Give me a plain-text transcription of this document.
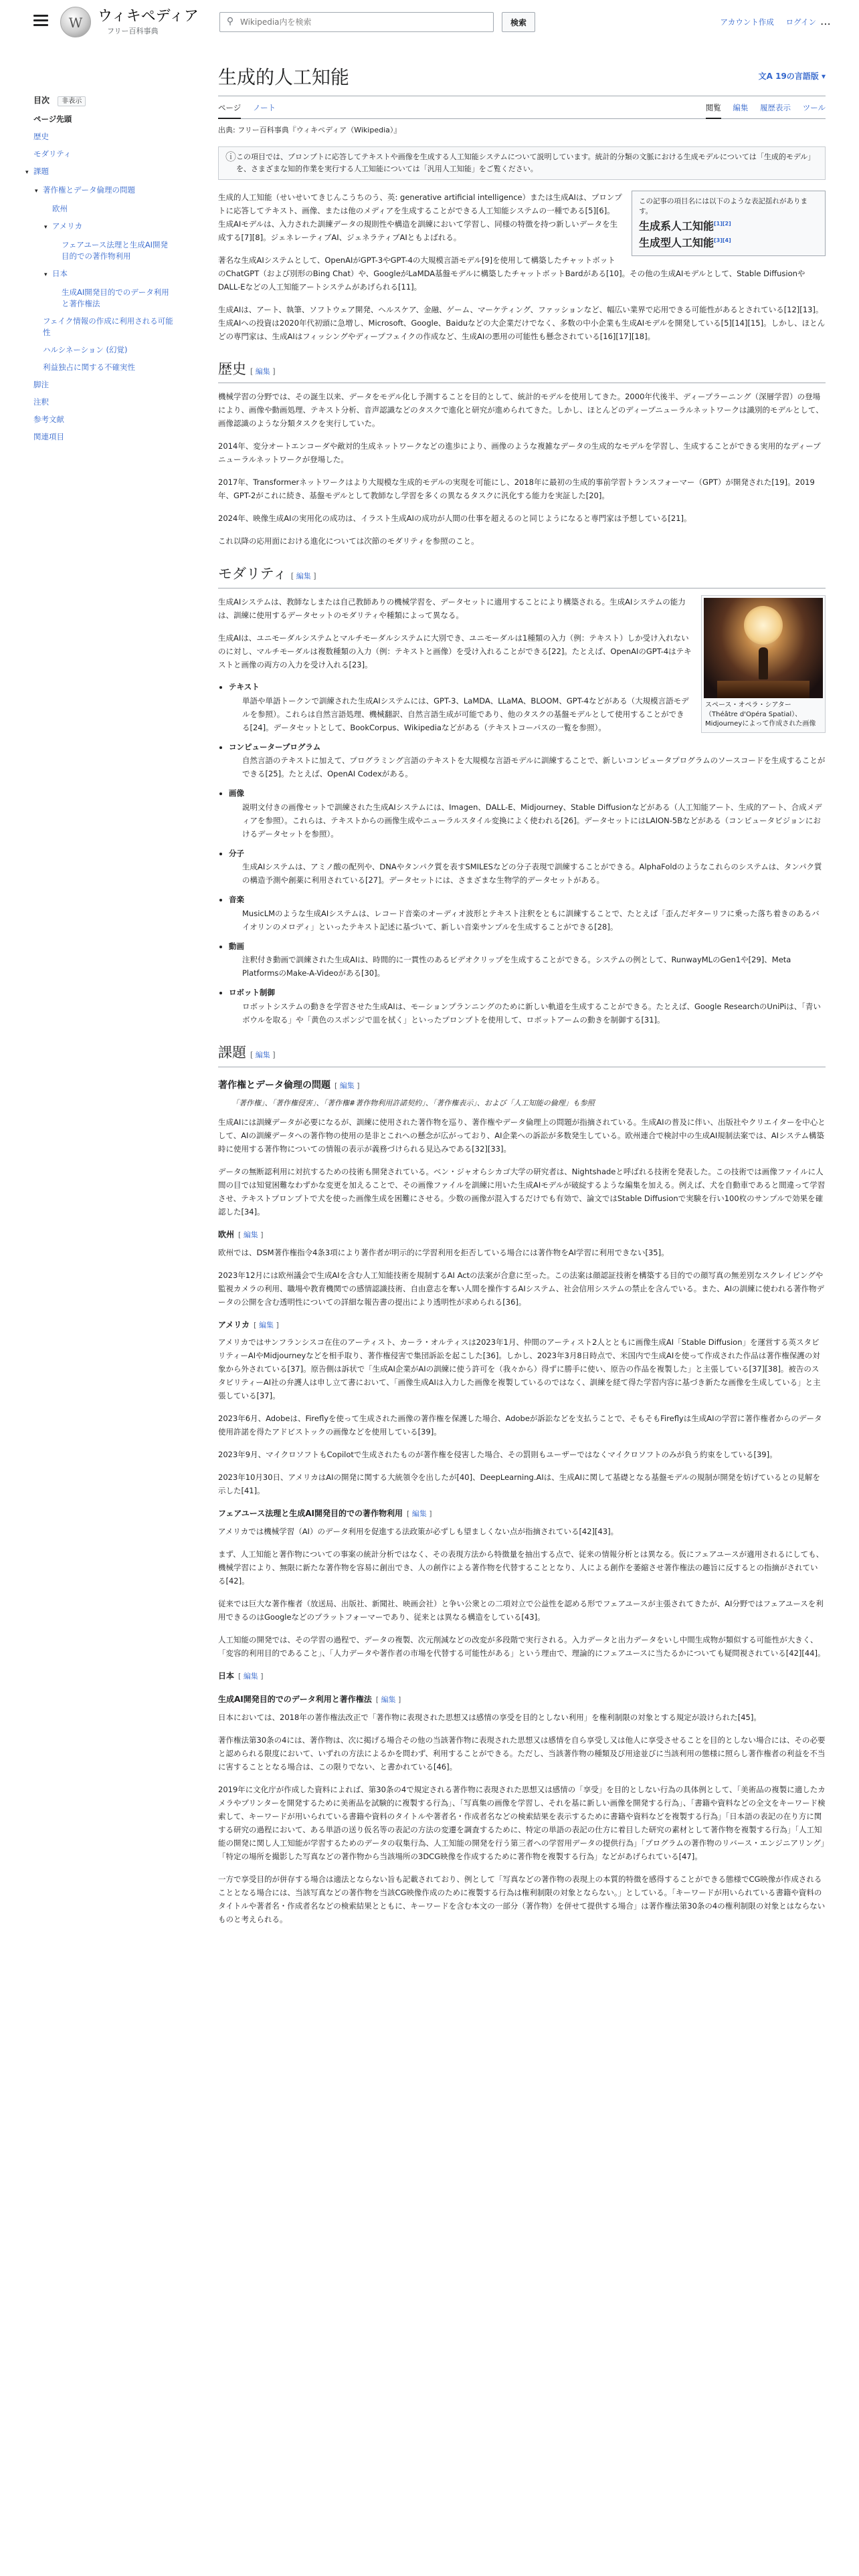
W	ウィキペディア
フリー百科事典
⚲
Wikipedia内を検索	検索	アカウント作成 ログイン ⋯
目次 非表示
ページ先頭
歴史
モダリティ
▾ 課題
▾ 著作権とデータ倫理の問題
欧州
▾ アメリカ
フェアユース法理と生成AI開発目的での著作物利用
▾ 日本
生成AI開発目的でのデータ利用と著作権法
フェイク情報の作成に利用される可能性
ハルシネーション (幻覚)
利益独占に関する不確実性
脚注
注釈
参考文献
関連項目
生成的人工知能	文A 19の言語版 ▾
ページ ノート	閲覧 編集 履歴表示 ツール
出典: フリー百科事典『ウィキペディア（Wikipedia）』
ⓘ この項目では、プロンプトに応答してテキストや画像を生成する人工知能システムについて説明しています。統計的分類の文脈における生成モデルについては「生成的モデル」を、さまざまな知的作業を実行する人工知能については「汎用人工知能」をご覧ください。
この記事の項目名には以下のような表記揺れがあります。
生成系人工知能[1][2]
生成型人工知能[3][4]

生成的人工知能（せいせいてきじんこうちのう、英: generative artificial intelligence）または生成AIは、プロンプトに応答してテキスト、画像、または他のメディアを生成することができる人工知能システムの一種である[5][6]。生成AIモデルは、入力された訓練データの規則性や構造を訓練において学習し、同様の特徴を持つ新しいデータを生成する[7][8]。ジェネレーティブAI、ジェネラティブAIともよばれる。

著名な生成AIシステムとして、OpenAIがGPT-3やGPT-4の大規模言語モデル[9]を使用して構築したチャットボットのChatGPT（および別形のBing Chat）や、GoogleがLaMDA基盤モデルに構築したチャットボットBardがある[10]。その他の生成AIモデルとして、Stable DiffusionやDALL-Eなどの人工知能アートシステムがあげられる[11]。

生成AIは、アート、執筆、ソフトウェア開発、ヘルスケア、金融、ゲーム、マーケティング、ファッションなど、幅広い業界で応用できる可能性があるとされている[12][13]。生成AIへの投資は2020年代初頭に急増し、Microsoft、Google、Baiduなどの大企業だけでなく、多数の中小企業も生成AIモデルを開発している[5][14][15]。しかし、ほとんどの専門家は、生成AIはフィッシングやディープフェイクの作成など、生成AIの悪用の可能性も懸念されている[16][17][18]。

歴史 [ 編集 ]

機械学習の分野では、その誕生以来、データをモデル化し予測することを目的として、統計的モデルを使用してきた。2000年代後半、ディープラーニング（深層学習）の登場により、画像や動画処理、テキスト分析、音声認識などのタスクで進化と研究が進められてきた。しかし、ほとんどのディープニューラルネットワークは識別的モデルとして、画像認識のような分類タスクを実行していた。

2014年、変分オートエンコーダや敵対的生成ネットワークなどの進歩により、画像のような複雑なデータの生成的なモデルを学習し、生成することができる実用的なディープニューラルネットワークが登場した。

2017年、Transformerネットワークはより大規模な生成的モデルの実現を可能にし、2018年に最初の生成的事前学習トランスフォーマー（GPT）が開発された[19]。2019年、GPT-2がこれに続き、基盤モデルとして教師なし学習を多くの異なるタスクに汎化する能力を実証した[20]。

2024年、映像生成AIの実用化の成功は、イラスト生成AIの成功が人間の仕事を超えるのと同じようになると専門家は予想している[21]。

これ以降の応用面における進化については次節のモダリティを参照のこと。

モダリティ [ 編集 ]
スペース・オペラ・シアター（Théâtre d'Opéra Spatial）、Midjourneyによって作成された画像

生成AIシステムは、教師なしまたは自己教師ありの機械学習を、データセットに適用することにより構築される。生成AIシステムの能力は、訓練に使用するデータセットのモダリティや種類によって異なる。

生成AIは、ユニモーダルシステムとマルチモーダルシステムに大別でき、ユニモーダルは1種類の入力（例：テキスト）しか受け入れないのに対し、マルチモーダルは複数種類の入力（例：テキストと画像）を受け入れることができる[22]。たとえば、OpenAIのGPT-4はテキストと画像の両方の入力を受け入れる[23]。

• テキスト
単語や単語トークンで訓練された生成AIシステムには、GPT-3、LaMDA、LLaMA、BLOOM、GPT-4などがある（大規模言語モデルを参照）。これらは自然言語処理、機械翻訳、自然言語生成が可能であり、他のタスクの基盤モデルとして使用することができる[24]。データセットとして、BookCorpus、Wikipediaなどがある（テキストコーパスの一覧を参照）。
• コンピュータープログラム
自然言語のテキストに加えて、プログラミング言語のテキストを大規模な言語モデルに訓練することで、新しいコンピュータプログラムのソースコードを生成することができる[25]。たとえば、OpenAI Codexがある。
• 画像
説明文付きの画像セットで訓練された生成AIシステムには、Imagen、DALL-E、Midjourney、Stable Diffusionなどがある（人工知能アート、生成的アート、合成メディアを参照）。これらは、テキストからの画像生成やニューラルスタイル変換によく使われる[26]。データセットにはLAION-5Bなどがある（コンピュータビジョンにおけるデータセットを参照）。
• 分子
生成AIシステムは、アミノ酸の配列や、DNAやタンパク質を表すSMILESなどの分子表現で訓練することができる。AlphaFoldのようなこれらのシステムは、タンパク質の構造予測や創薬に利用されている[27]。データセットには、さまざまな生物学的データセットがある。
• 音楽
MusicLMのような生成AIシステムは、レコード音楽のオーディオ波形とテキスト注釈をともに訓練することで、たとえば「歪んだギターリフに乗った落ち着きのあるバイオリンのメロディ」といったテキスト記述に基づいて、新しい音楽サンプルを生成することができる[28]。
• 動画
注釈付き動画で訓練された生成AIは、時間的に一貫性のあるビデオクリップを生成することができる。システムの例として、RunwayMLのGen1や[29]、Meta PlatformsのMake-A-Videoがある[30]。
• ロボット制御
ロボットシステムの動きを学習させた生成AIは、モーションプランニングのために新しい軌道を生成することができる。たとえば、Google ResearchのUniPiは、「青いボウルを取る」や「黄色のスポンジで皿を拭く」といったプロンプトを使用して、ロボットアームの動きを制御する[31]。
課題 [ 編集 ]
著作権とデータ倫理の問題 [ 編集 ]
「著作権」、「著作権侵害」、「著作権#著作物利用許諾契約」、「著作権表示」、および「人工知能の倫理」も参照

生成AIには訓練データが必要になるが、訓練に使用された著作物を巡り、著作権やデータ倫理上の問題が指摘されている。生成AIの普及に伴い、出版社やクリエイターを中心として、AIの訓練データへの著作物の使用の是非とこれへの懸念が広がっており、AI企業への訴訟が多数発生している。欧州連合で検討中の生成AI規制法案では、AIシステム構築時に使用する著作物についての情報の表示が義務づけられる見込みである[32][33]。

データの無断認利用に対抗するための技術も開発されている。ベン・ジャオらシカゴ大学の研究者は、Nightshadeと呼ばれる技術を発表した。この技術では画像ファイルに人間の目では知覚困難なわずかな変更を加えることで、その画像ファイルを訓練に用いた生成AIモデルが破綻するような編集を加える。例えば、犬を自動車であると間違って学習させ、テキストプロンプトで犬を使った画像生成を困難にさせる。少数の画像が混入するだけでも有効で、論文ではStable Diffusionで実験を行い100枚のサンプルで効果を確認した[34]。

欧州 [ 編集 ]

欧州では、DSM著作権指令4条3項により著作者が明示的に学習利用を拒否している場合には著作物をAI学習に利用できない[35]。

2023年12月には欧州議会で生成AIを含む人工知能技術を規制するAI Actの法案が合意に至った。この法案は顔認証技術を構築する目的での顔写真の無差別なスクレイピングや監視カメラの利用、職場や教育機関での感情認識技術、自由意志を奪い人間を操作するAIシステム、社会信用システムの禁止を含んでいる。また、AIの訓練に使われる著作物データの公開を含む透明性についての詳細な報告書の提出により透明性が求められる[36]。

アメリカ [ 編集 ]

アメリカではサンフランシスコ在住のアーティスト、カーラ・オルティスは2023年1月、仲間のアーティスト2人とともに画像生成AI「Stable Diffusion」を運営する英スタビリティーAIやMidjourneyなどを相手取り、著作権侵害で集団訴訟を起こした[36]。しかし、2023年3月8日時点で、米国内で生成AIを使って作成された作品は著作権保護の対象から外されている[37]。原告側は訴状で「生成AI企業がAIの訓練に使う許可を（我々から）得ずに勝手に使い、原告の作品を複製した」と主張している[37][38]。被告のスタビリティーAI社の弁護人は申し立て書において、「画像生成AIは入力した画像を複製しているのではなく、訓練を経て得た学習内容に基づき新たな画像を生成している」と主張している[37]。

2023年6月、Adobeは、Fireflyを使って生成された画像の著作権を保護した場合、Adobeが訴訟などを支払うことで、そもそもFireflyは生成AIの学習に著作権者からのデータ使用許諾を得たアドビストックの画像などを使用している[39]。

2023年9月、マイクロソフトもCopilotで生成されたものが著作権を侵害した場合、その罰則もユーザーではなくマイクロソフトのみが負う約束をしている[39]。

2023年10月30日、アメリカはAIの開発に関する大統領令を出したが[40]、DeepLearning.AIは、生成AIに関して基礎となる基盤モデルの規制が開発を妨げているとの見解を示した[41]。

フェアユース法理と生成AI開発目的での著作物利用 [ 編集 ]

アメリカでは機械学習（AI）のデータ利用を促進する法政策が必ずしも望ましくない点が指摘されている[42][43]。

まず、人工知能と著作物についての事案の統計分析ではなく、その表現方法から特徴量を抽出する点で、従来の情報分析とは異なる。仮にフェアユースが適用されるにしても、機械学習により、無限に新たな著作物を容易に創出でき、人の創作による著作物を代替することとなり、人による創作を萎縮させ著作権法の趣旨に反するとの指摘がされている[42]。

従来では巨大な著作権者（放送局、出版社、新聞社、映画会社）と争い公衆との二項対立で公益性を認める形でフェアユースが主張されてきたが、AI分野ではフェアユースを利用できるのはGoogleなどのプラットフォーマーであり、従来とは異なる構造をしている[43]。

人工知能の開発では、その学習の過程で、データの複製、次元削減などの改変が多段階で実行される。入力データと出力データをいし中間生成物が類似する可能性が大きく、「変容的利用目的であること」、「人力データや著作者の市場を代替する可能性がある」という理由で、理論的にフェアユースに当たるかについても疑問視されている[42][44]。

日本 [ 編集 ]
生成AI開発目的でのデータ利用と著作権法 [ 編集 ]

日本においては、2018年の著作権法改正で「著作物に表現された思想又は感情の享受を目的としない利用」を権利制限の対象とする規定が設けられた[45]。

著作権法第30条の4には、著作物は、次に掲げる場合その他の当該著作物に表現された思想又は感情を自ら享受し又は他人に享受させることを目的としない場合には、その必要と認められる限度において、いずれの方法によるかを問わず、利用することができる。ただし、当該著作物の種類及び用途並びに当該利用の態様に照らし著作権者の利益を不当に害することとなる場合は、この限りでない、と書かれている[46]。

2019年に文化庁が作成した資料によれば、第30条の4で規定される著作物に表現された思想又は感情の「享受」を目的としない行為の具体例として、「美術品の複製に適したカメラやプリンターを開発するために美術品を試験的に複製する行為」、「写真集の画像を学習し、それを基に新しい画像を開発する行為」、「書籍や資料などの全文をキーワード検索して、キーワードが用いられている書籍や資料のタイトルや著者名・作成者名などの検索結果を表示するために書籍や資料などを複製する行為」「日本語の表記の在り方に関する研究の過程において、ある単語の送り仮名等の表記の方法の変遷を調査するために、特定の単語の表記の仕方に着目した研究の素材として著作物を複製する行為」「人工知能の開発に関し人工知能が学習するためのデータの収集行為、人工知能の開発を行う第三者への学習用データの提供行為」「プログラムの著作物のリバース・エンジニアリング」「特定の場所を撮影した写真などの著作物から当該場所の3DCG映像を作成するために著作物を複製する行為」などがあげられている[47]。

一方で享受目的が併存する場合は適法とならない旨も記載されており、例として「写真などの著作物の表現上の本質的特徴を感得することができる態様でCG映像が作成されることとなる場合には、当該写真などの著作物を当該CG映像作成のために複製する行為は権利制限の対象とならない。」としている。「キーワードが用いられている書籍や資料のタイトルや著者名・作成者名などの検索結果とともに、キーワードを含む本文の一部分（著作物）を併せて提供する場合」は著作権法第30条の4の権利制限の対象とはならないものと考えられる。
